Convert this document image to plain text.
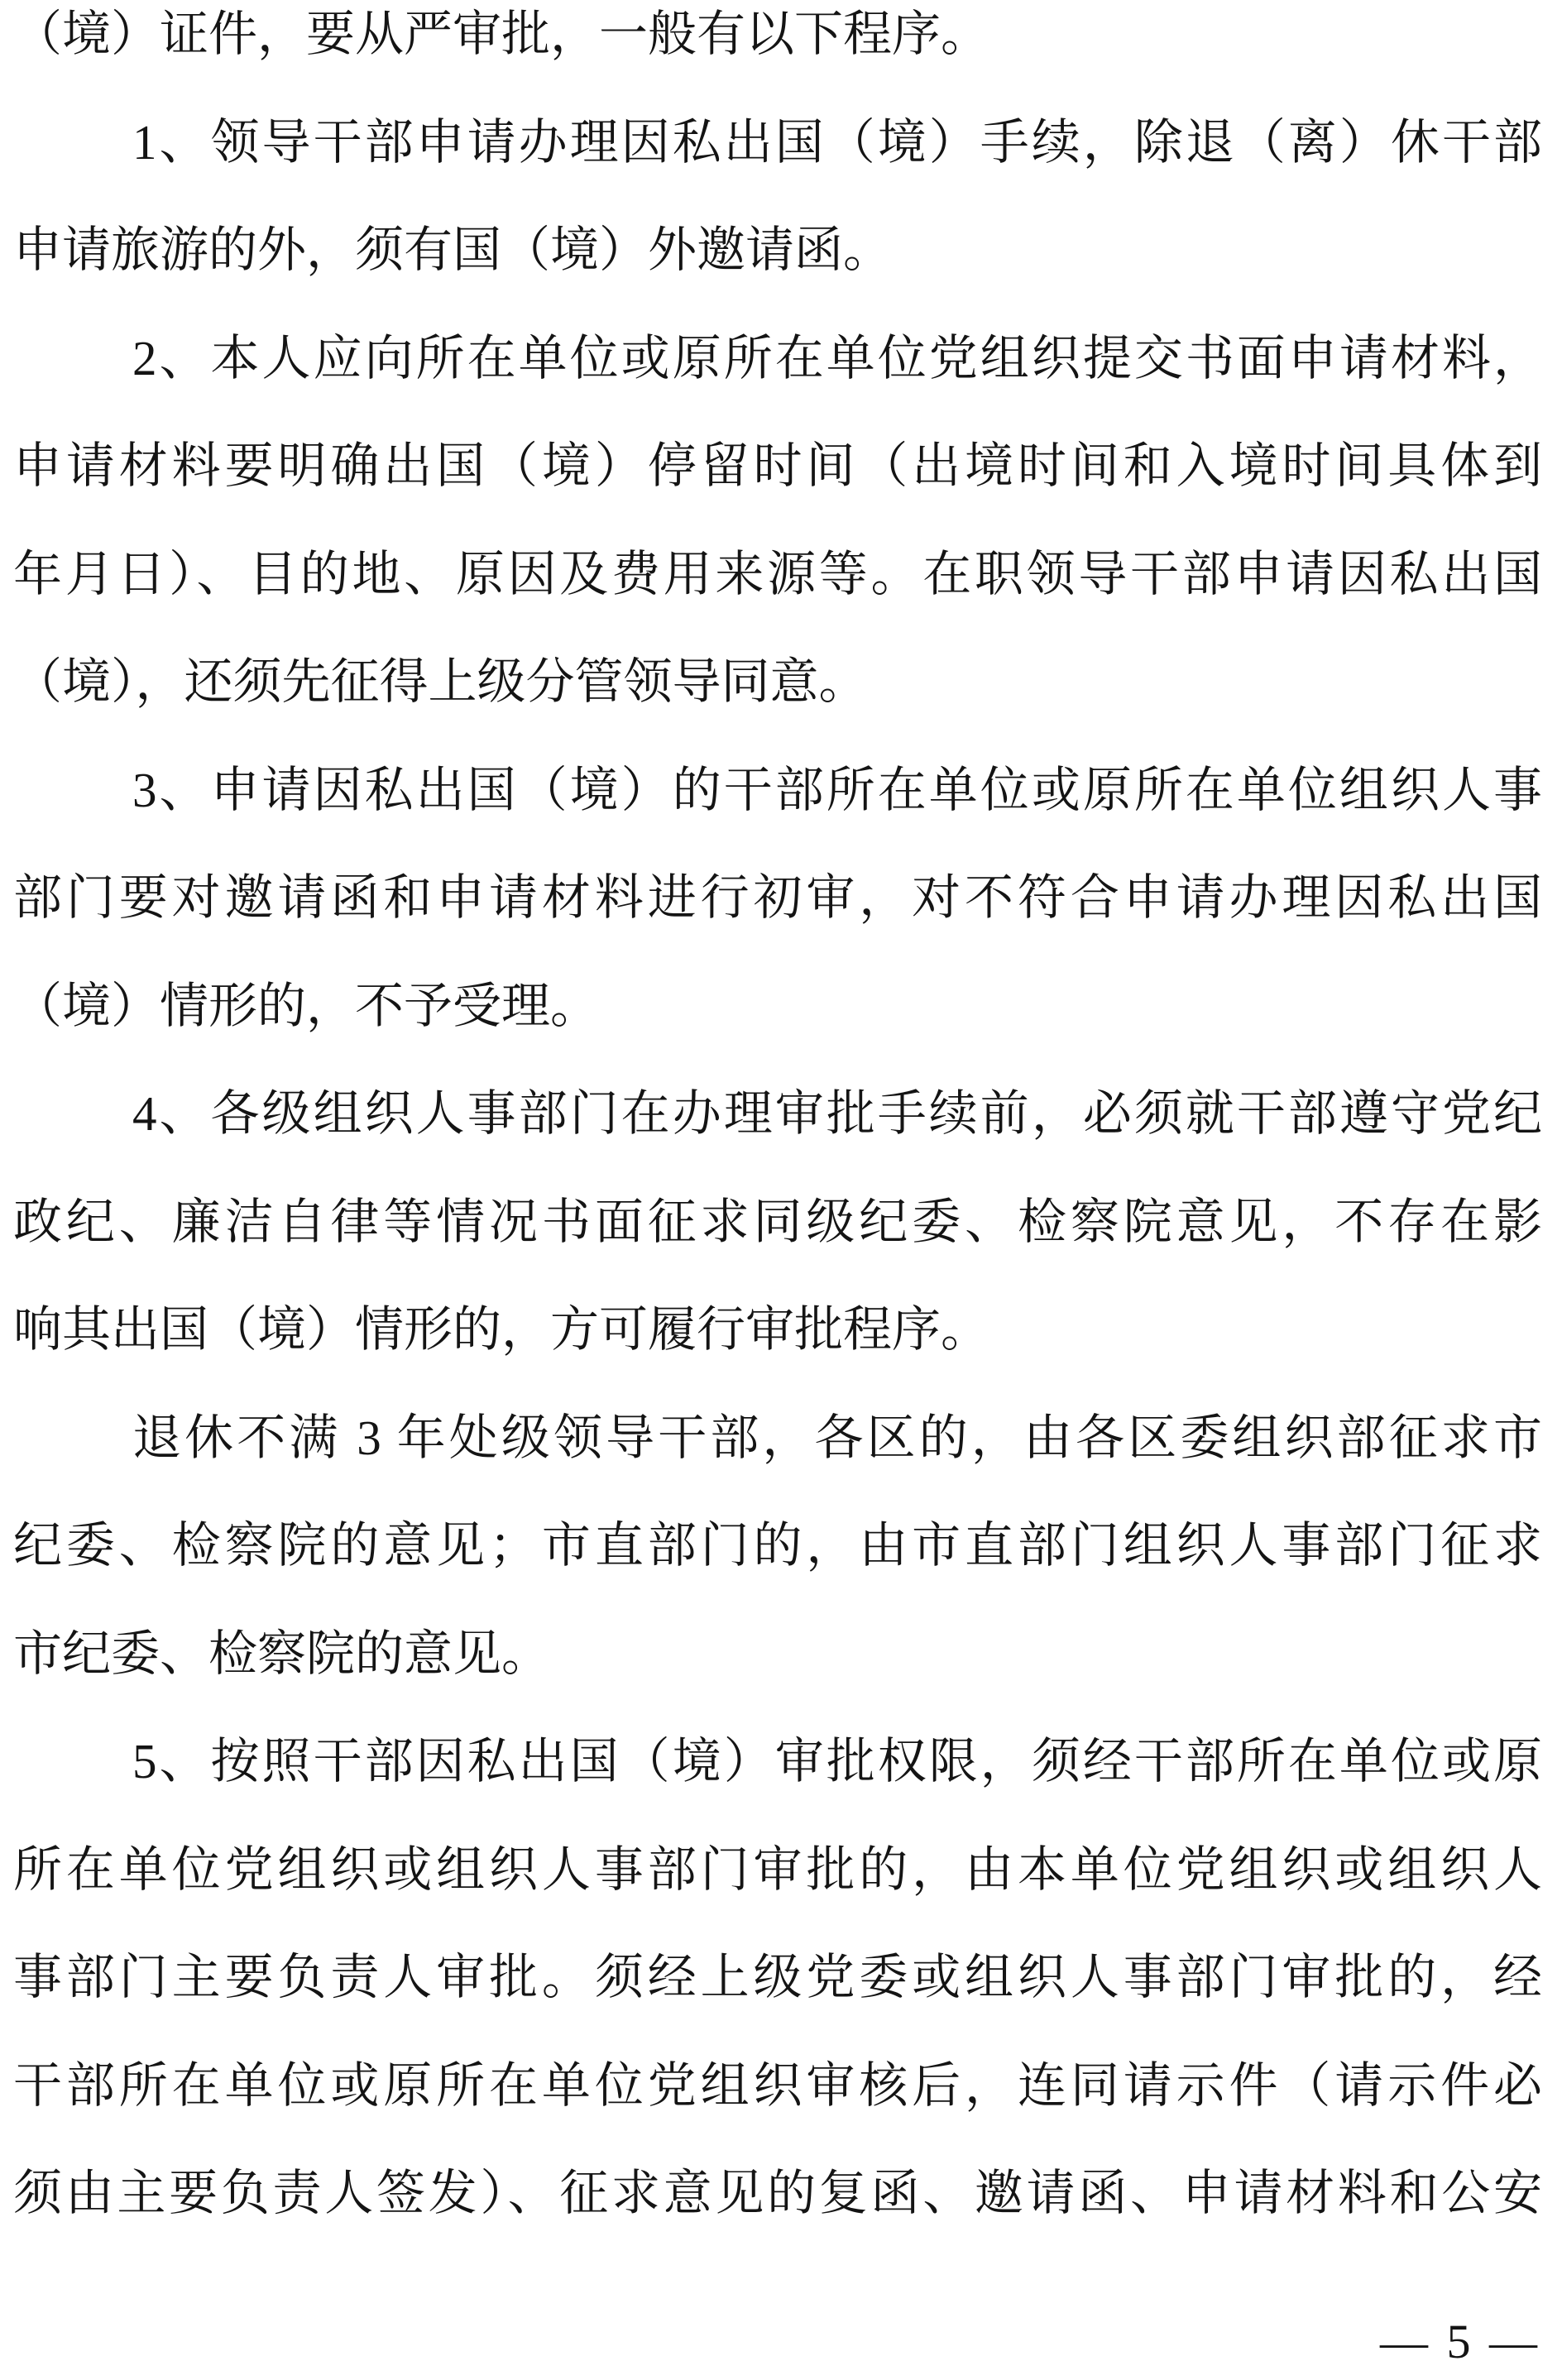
（境）证件，要从严审批，一般有以下程序。
1、领导干部申请办理因私出国（境）手续，除退（离）休干部
申请旅游的外，须有国（境）外邀请函。
2、本人应向所在单位或原所在单位党组织提交书面申请材料，
申请材料要明确出国（境）停留时间（出境时间和入境时间具体到
年月日）、目的地、原因及费用来源等。在职领导干部申请因私出国
（境），还须先征得上级分管领导同意。
3、申请因私出国（境）的干部所在单位或原所在单位组织人事
部门要对邀请函和申请材料进行初审，对不符合申请办理因私出国
（境）情形的，不予受理。
4、各级组织人事部门在办理审批手续前，必须就干部遵守党纪
政纪、廉洁自律等情况书面征求同级纪委、检察院意见，不存在影
响其出国（境）情形的，方可履行审批程序。
退休不满 3 年处级领导干部，各区的，由各区委组织部征求市
纪委、检察院的意见；市直部门的，由市直部门组织人事部门征求
市纪委、检察院的意见。
5、按照干部因私出国（境）审批权限，须经干部所在单位或原
所在单位党组织或组织人事部门审批的，由本单位党组织或组织人
事部门主要负责人审批。须经上级党委或组织人事部门审批的，经
干部所在单位或原所在单位党组织审核后，连同请示件（请示件必
须由主要负责人签发）、征求意见的复函、邀请函、申请材料和公安
— 5 —
